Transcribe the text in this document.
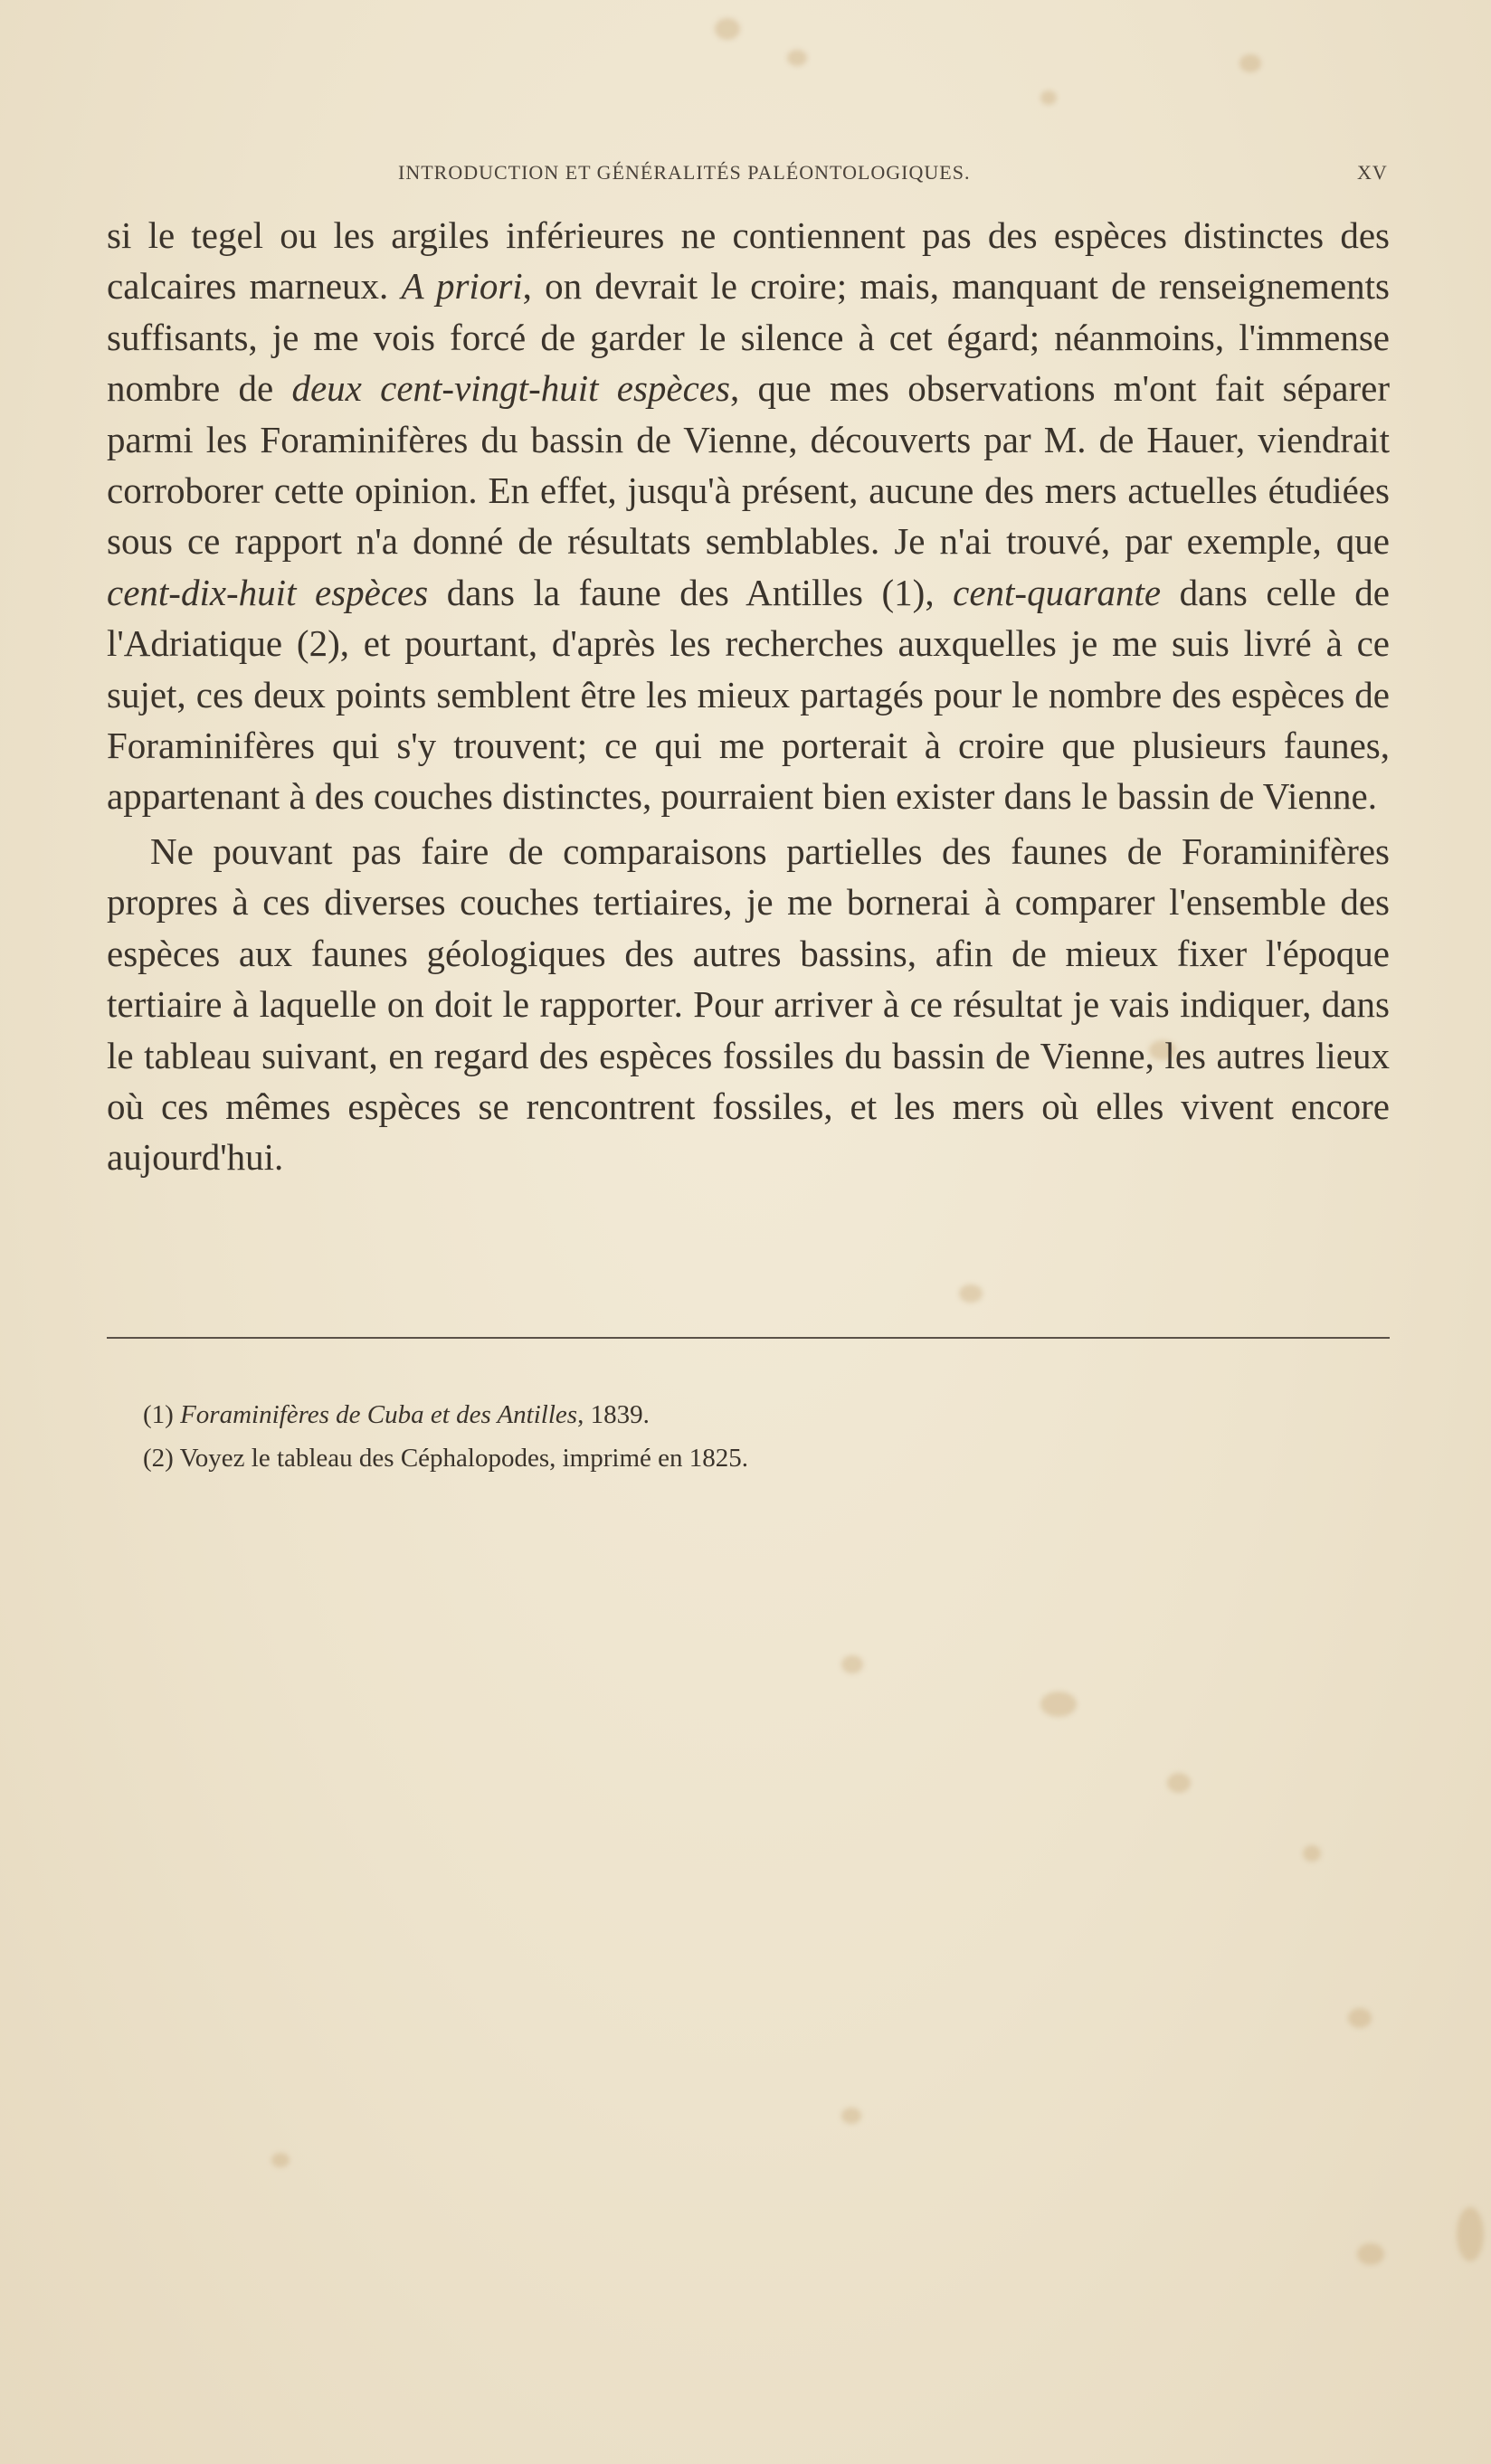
INTRODUCTION ET GÉNÉRALITÉS PALÉONTOLOGIQUES.	XV

si le tegel ou les argiles inférieures ne contiennent pas des espèces distinctes des calcaires marneux. A priori, on devrait le croire; mais, manquant de renseignements suffisants, je me vois forcé de garder le silence à cet égard; néanmoins, l'immense nombre de deux cent-vingt-huit espèces, que mes observations m'ont fait séparer parmi les Foraminifères du bassin de Vienne, découverts par M. de Hauer, viendrait corroborer cette opinion. En effet, jusqu'à présent, aucune des mers actuelles étudiées sous ce rapport n'a donné de résultats semblables. Je n'ai trouvé, par exemple, que cent-dix-huit espèces dans la faune des Antilles (1), cent-quarante dans celle de l'Adriatique (2), et pourtant, d'après les recherches auxquelles je me suis livré à ce sujet, ces deux points semblent être les mieux partagés pour le nombre des espèces de Foraminifères qui s'y trouvent; ce qui me porterait à croire que plusieurs faunes, appartenant à des couches distinctes, pourraient bien exister dans le bassin de Vienne.

Ne pouvant pas faire de comparaisons partielles des faunes de Foraminifères propres à ces diverses couches tertiaires, je me bornerai à comparer l'ensemble des espèces aux faunes géologiques des autres bassins, afin de mieux fixer l'époque tertiaire à laquelle on doit le rapporter. Pour arriver à ce résultat je vais indiquer, dans le tableau suivant, en regard des espèces fossiles du bassin de Vienne, les autres lieux où ces mêmes espèces se rencontrent fossiles, et les mers où elles vivent encore aujourd'hui.

(1) Foraminifères de Cuba et des Antilles, 1839.
(2) Voyez le tableau des Céphalopodes, imprimé en 1825.
